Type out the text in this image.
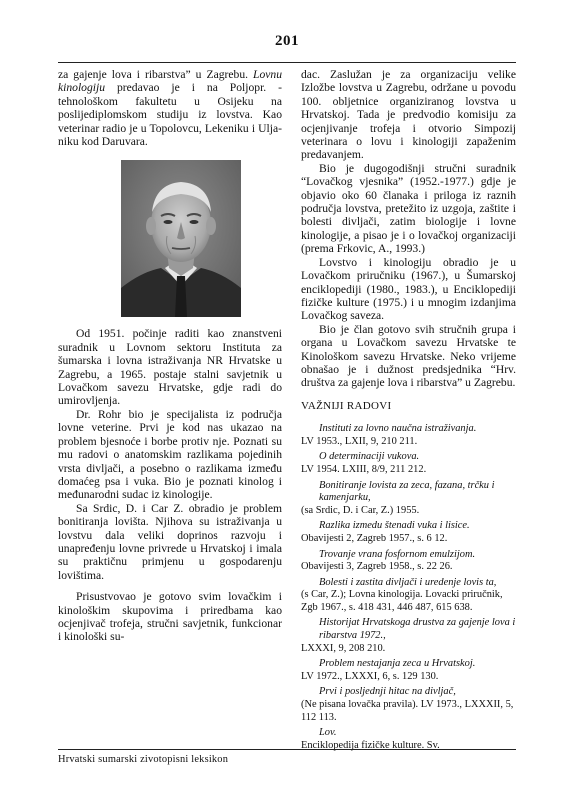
201

za gajenje lova i ribarstva” u Zagrebu. Lovnu kinologiju predavao je i na Poljopr. - tehnološkom fakultetu u Osijeku na poslijediplomskom studiju iz lovstva. Kao veterinar radio je u Topolovcu, Lekeniku i Ulja-niku kod Daruvara.

Od 1951. počinje raditi kao znanstveni suradnik u Lovnom sektoru Instituta za šumarska i lovna istraživanja NR Hrvatske u Zagrebu, a 1965. postaje stalni savjetnik u Lovačkom savezu Hrvatske, gdje radi do umirovljenja.

Dr. Rohr bio je specijalista iz područja lovne veterine. Prvi je kod nas ukazao na problem bjesnoće i borbe protiv nje. Poznati su mu radovi o anatomskim razlikama pojedinih vrsta divljači, a posebno o razlikama između domaćeg psa i vuka. Bio je poznati kinolog i međunarodni sudac iz kinologije.

Sa Srdic, D. i Car Z. obradio je problem bonitiranja lovišta. Njihova su istraživanja u lovstvu dala veliki doprinos razvoju i unapređenju lovne privrede u Hrvatskoj i imala su praktičnu primjenu u gospodarenju lovištima.

Prisustvovao je gotovo svim lovačkim i kinološkim skupovima i priredbama kao ocjenjivač trofeja, stručni savjetnik, funkcionar i kinološki su-

dac. Zaslužan je za organizaciju velike Izložbe lovstva u Zagrebu, održane u povodu 100. obljetnice organiziranog lovstva u Hrvatskoj. Tada je predvodio komisiju za ocjenjivanje trofeja i otvorio Simpozij veterinara o lovu i kinologiji zapaženim predavanjem.

Bio je dugogodišnji stručni suradnik “Lovačkog vjesnika” (1952.-1977.) gdje je objavio oko 60 članaka i priloga iz raznih područja lovstva, pretežito iz uzgoja, zaštite i bolesti divljači, zatim biologije i lovne kinologije, a pisao je i o lovačkoj organizaciji (prema Frkovic, A., 1993.)

Lovstvo i kinologiju obradio je u Lovačkom priručniku (1967.), u Šumarskoj enciklopediji (1980., 1983.), u Enciklopediji fizičke kulture (1975.) i u mnogim izdanjima Lovačkog saveza.

Bio je član gotovo svih stručnih grupa i organa u Lovačkom savezu Hrvatske te Kinološkom savezu Hrvatske. Neko vrijeme obnašao je i dužnost predsjednika “Hrv. društva za gajenje lova i ribarstva” u Zagrebu.

VAŽNIJI RADOVI

Instituti za lovno naučna istraživanja.
LV 1953., LXII, 9, 210 211.

O determinaciji vukova.
LV 1954. LXIII, 8/9, 211 212.

Bonitiranje lovista za zeca, fazana, trčku i kamenjarku,
(sa Srdic, D. i Car, Z.) 1955.

Razlika izmedu štenadi vuka i lisice.
Obavijesti 2, Zagreb 1957., s. 6 12.

Trovanje vrana fosfornom emulzijom.
Obavijesti 3, Zagreb 1958., s. 22 26.

Bolesti i zastita divljači i uredenje lovis ta,
(s Car, Z.); Lovna kinologija. Lovacki priručnik, Zgb 1967., s. 418 431, 446 487, 615 638.

Historijat Hrvatskoga drustva za gajenje lova i ribarstva 1972.,
LXXXI, 9, 208 210.

Problem nestajanja zeca u Hrvatskoj.
LV 1972., LXXXI, 6, s. 129 130.

Prvi i posljednji hitac na divljač,
(Ne pisana lovačka pravila). LV 1973., LXXXII, 5, 112 113.

Lov.
Enciklopedija fizičke kulture. Sv.

Hrvatski sumarski zivotopisni leksikon
